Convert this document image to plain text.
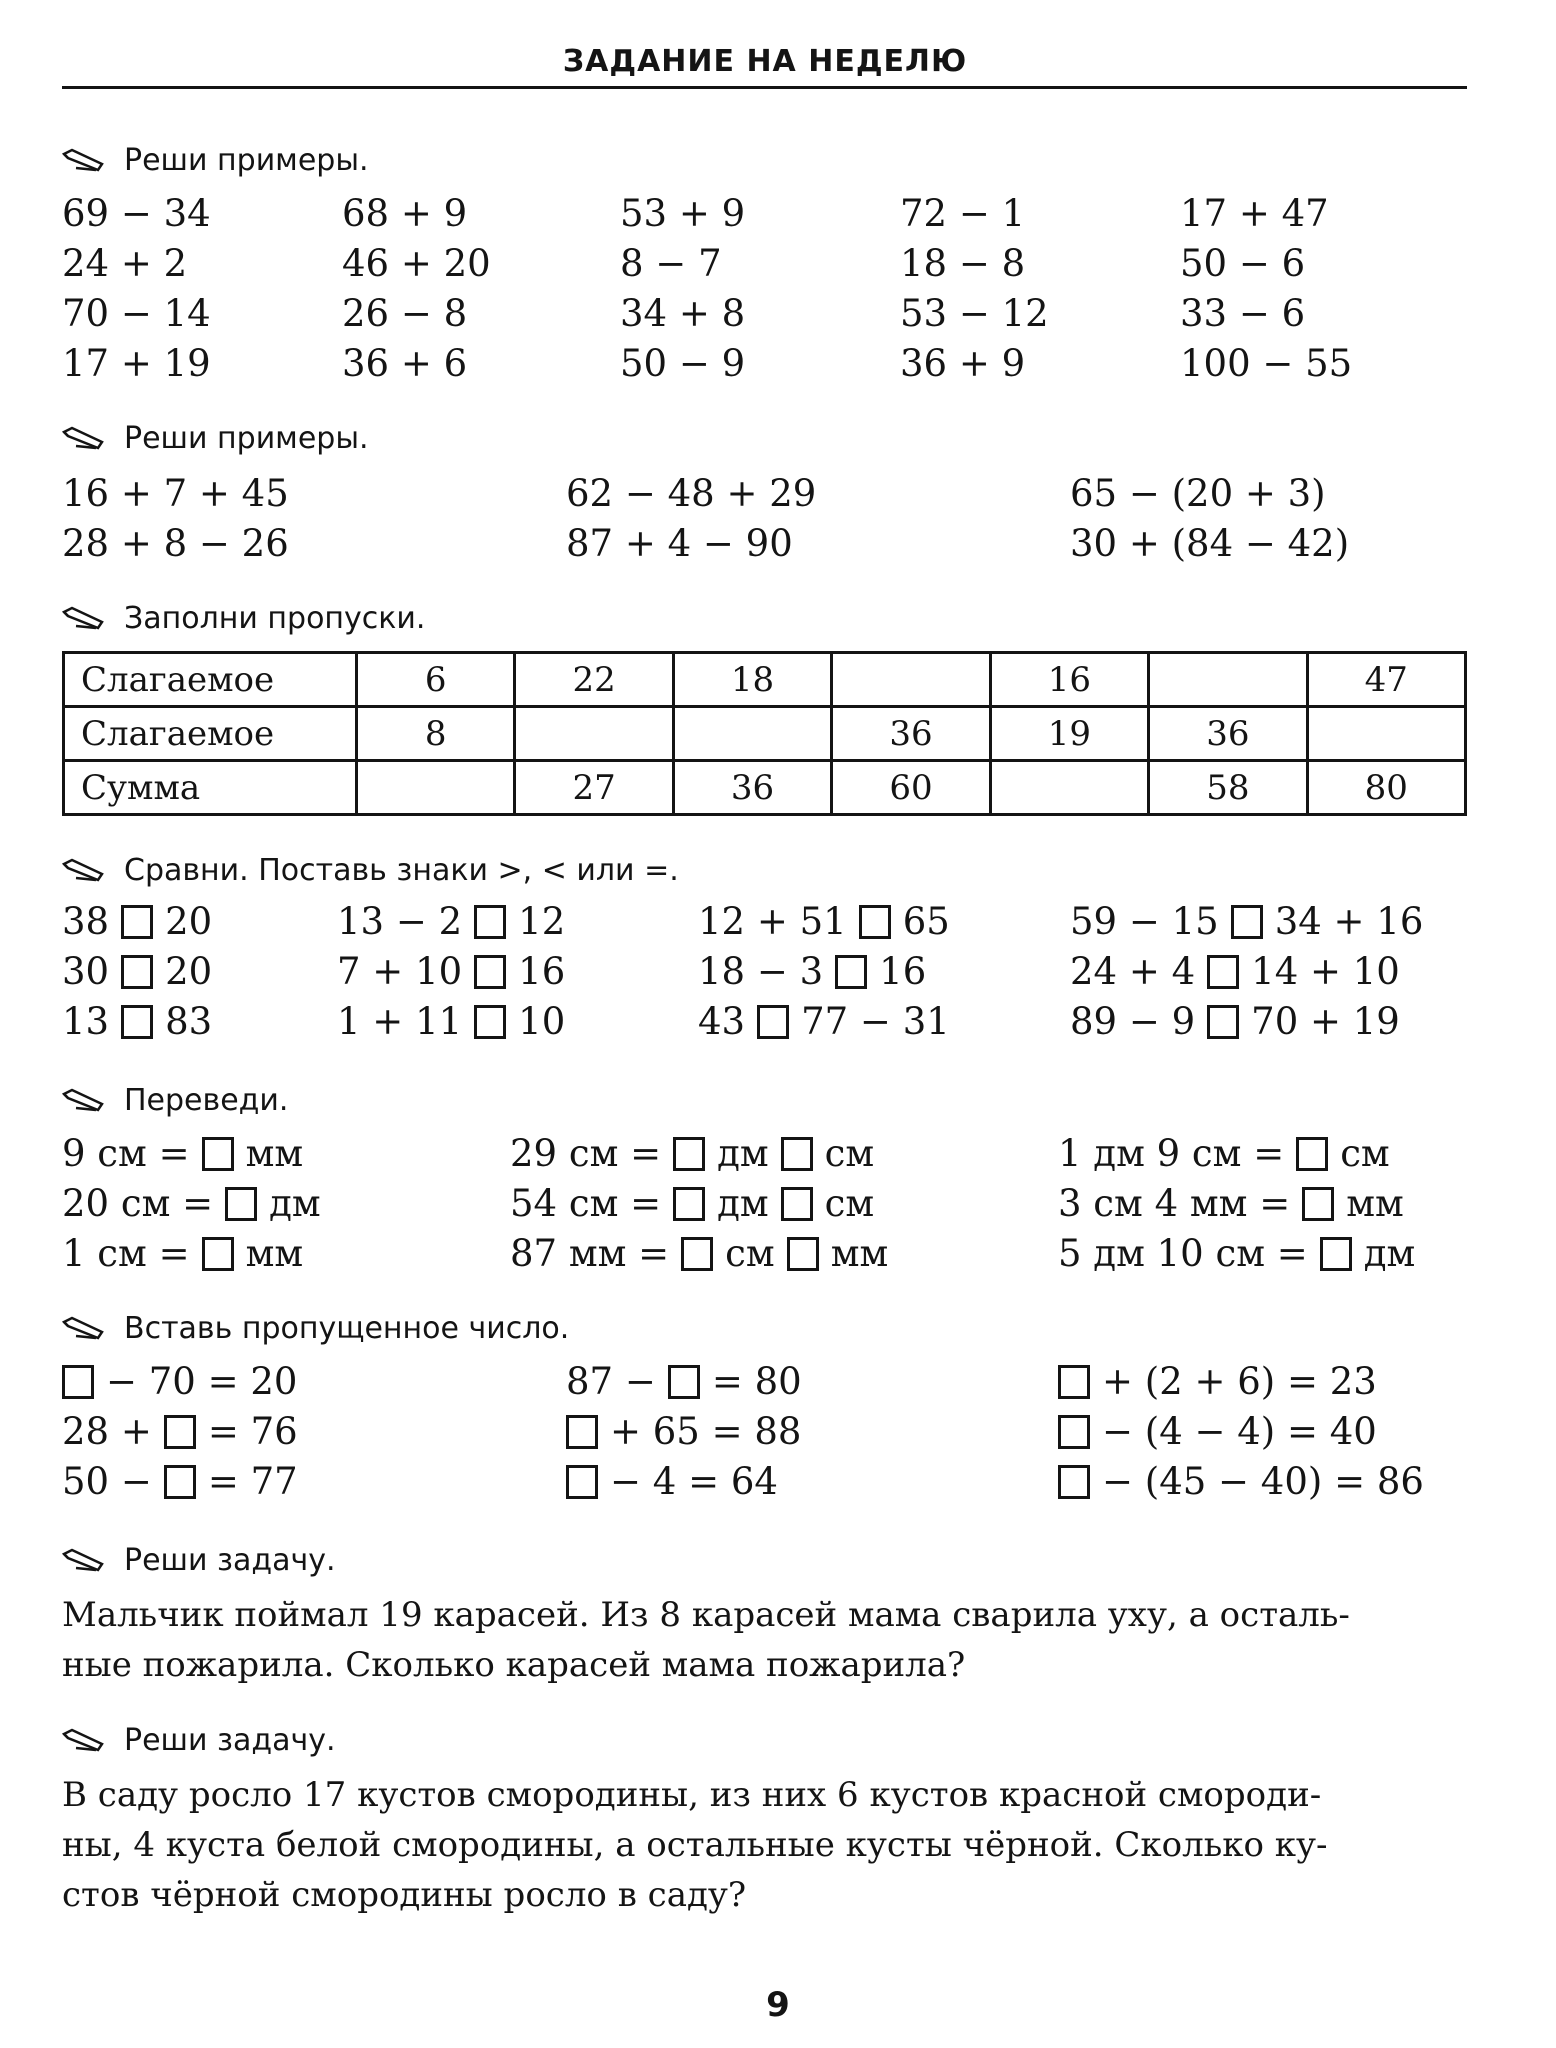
ЗАДАНИЕ НА НЕДЕЛЮ
Реши примеры.
69 − 34	68 + 9	53 + 9	72 − 1	17 + 47
24 + 2	46 + 20	8 − 7	18 − 8	50 − 6
70 − 14	26 − 8	34 + 8	53 − 12	33 − 6
17 + 19	36 + 6	50 − 9	36 + 9	100 − 55
Реши примеры.
16 + 7 + 45	62 − 48 + 29	65 − (20 + 3)
28 + 8 − 26	87 + 4 − 90	30 + (84 − 42)
Заполни пропуски.
Слагаемое	6	22	18		16		47
Слагаемое	8			36	19	36	
Сумма		27	36	60		58	80
Сравни. Поставь знаки >, < или =.
38 20	13 − 2 12	12 + 51 65	59 − 15 34 + 16
30 20	7 + 10 16	18 − 3 16	24 + 4 14 + 10
13 83	1 + 11 10	43 77 − 31	89 − 9 70 + 19
Переведи.
9 см = мм	29 см = дм см	1 дм 9 см = см
20 см = дм	54 см = дм см	3 см 4 мм = мм
1 см = мм	87 мм = см мм	5 дм 10 см = дм
Вставь пропущенное число.
− 70 = 20	87 − = 80	+ (2 + 6) = 23
28 + = 76	+ 65 = 88	− (4 − 4) = 40
50 − = 77	− 4 = 64	− (45 − 40) = 86
Реши задачу.
Мальчик поймал 19 карасей. Из 8 карасей мама сварила уху, а осталь-
ные пожарила. Сколько карасей мама пожарила?
Реши задачу.
В саду росло 17 кустов смородины, из них 6 кустов красной смороди-
ны, 4 куста белой смородины, а остальные кусты чёрной. Сколько ку-
стов чёрной смородины росло в саду?
9
